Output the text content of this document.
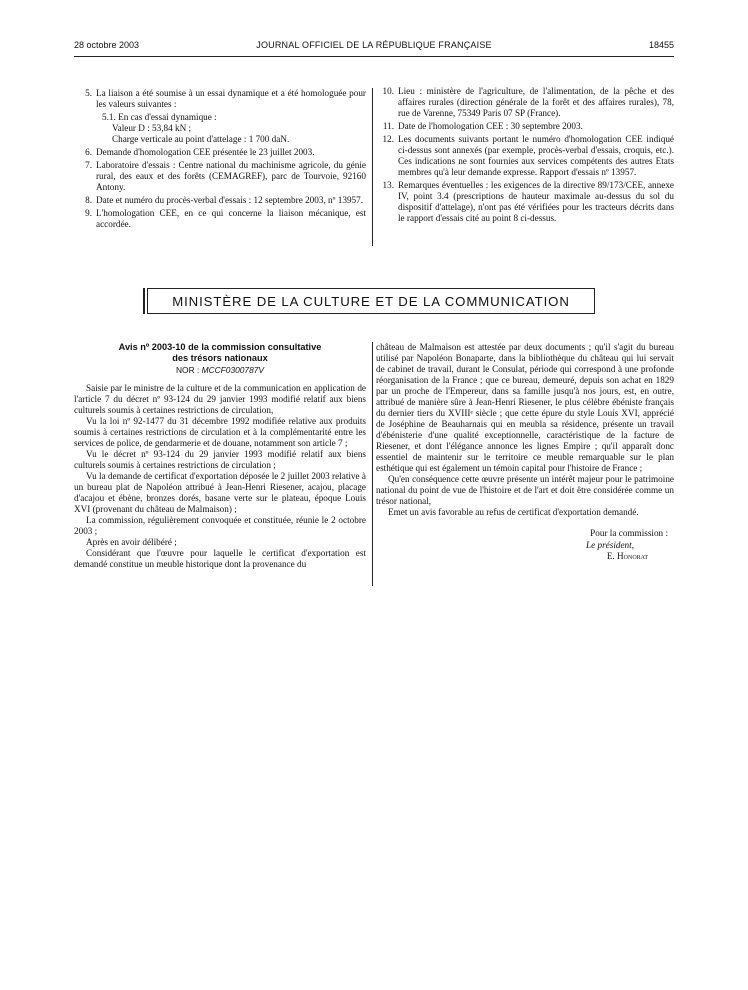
28 octobre 2003	JOURNAL OFFICIEL DE LA RÉPUBLIQUE FRANÇAISE	18455
5. La liaison a été soumise à un essai dynamique et a été homologuée pour les valeurs suivantes :

5.1. En cas d'essai dynamique :

Valeur D : 53,84 kN ;

Charge verticale au point d'attelage : 1 700 daN.

6. Demande d'homologation CEE présentée le 23 juillet 2003.
7. Laboratoire d'essais : Centre national du machinisme agricole, du génie rural, des eaux et des forêts (CEMAGREF), parc de Tourvoie, 92160 Antony.
8. Date et numéro du procès-verbal d'essais : 12 septembre 2003, nº 13957.
9. L'homologation CEE, en ce qui concerne la liaison mécanique, est accordée.
10. Lieu : ministère de l'agriculture, de l'alimentation, de la pêche et des affaires rurales (direction générale de la forêt et des affaires rurales), 78, rue de Varenne, 75349 Paris 07 SP (France).
11. Date de l'homologation CEE : 30 septembre 2003.
12. Les documents suivants portant le numéro d'homologation CEE indiqué ci-dessus sont annexés (par exemple, procès-verbal d'essais, croquis, etc.). Ces indications ne sont fournies aux services compétents des autres Etats membres qu'à leur demande expresse. Rapport d'essais nº 13957.
13. Remarques éventuelles : les exigences de la directive 89/173/CEE, annexe IV, point 3.4 (prescriptions de hauteur maximale au-dessus du sol du dispositif d'attelage), n'ont pas été vérifiées pour les tracteurs décrits dans le rapport d'essais cité au point 8 ci-dessus.
MINISTÈRE DE LA CULTURE ET DE LA COMMUNICATION
Avis nº 2003-10 de la commission consultative
des trésors nationaux
NOR : MCCF0300787V

Saisie par le ministre de la culture et de la communication en application de l'article 7 du décret nº 93-124 du 29 janvier 1993 modifié relatif aux biens culturels soumis à certaines restrictions de circulation,

Vu la loi nº 92-1477 du 31 décembre 1992 modifiée relative aux produits soumis à certaines restrictions de circulation et à la complémentarité entre les services de police, de gendarmerie et de douane, notamment son article 7 ;

Vu le décret nº 93-124 du 29 janvier 1993 modifié relatif aux biens culturels soumis à certaines restrictions de circulation ;

Vu la demande de certificat d'exportation déposée le 2 juillet 2003 relative à un bureau plat de Napoléon attribué à Jean-Henri Riesener, acajou, placage d'acajou et ébène, bronzes dorés, basane verte sur le plateau, époque Louis XVI (provenant du château de Malmaison) ;

La commission, régulièrement convoquée et constituée, réunie le 2 octobre 2003 ;

Après en avoir délibéré ;

Considérant que l'œuvre pour laquelle le certificat d'exportation est demandé constitue un meuble historique dont la provenance du

château de Malmaison est attestée par deux documents ; qu'il s'agit du bureau utilisé par Napoléon Bonaparte, dans la bibliothèque du château qui lui servait de cabinet de travail, durant le Consulat, période qui correspond à une profonde réorganisation de la France ; que ce bureau, demeuré, depuis son achat en 1829 par un proche de l'Empereur, dans sa famille jusqu'à nos jours, est, en outre, attribué de manière sûre à Jean-Henri Riesener, le plus célèbre ébéniste français du dernier tiers du XVIIIᵉ siècle ; que cette épure du style Louis XVI, apprécié de Joséphine de Beauharnais qui en meubla sa résidence, présente un travail d'ébénisterie d'une qualité exceptionnelle, caractéristique de la facture de Riesener, et dont l'élégance annonce les lignes Empire ; qu'il apparaît donc essentiel de maintenir sur le territoire ce meuble remarquable sur le plan esthétique qui est également un témoin capital pour l'histoire de France ;

Qu'en conséquence cette œuvre présente un intérêt majeur pour le patrimoine national du point de vue de l'histoire et de l'art et doit être considérée comme un trésor national,

Emet un avis favorable au refus de certificat d'exportation demandé.

Pour la commission :
Le président,
E. Honorat
